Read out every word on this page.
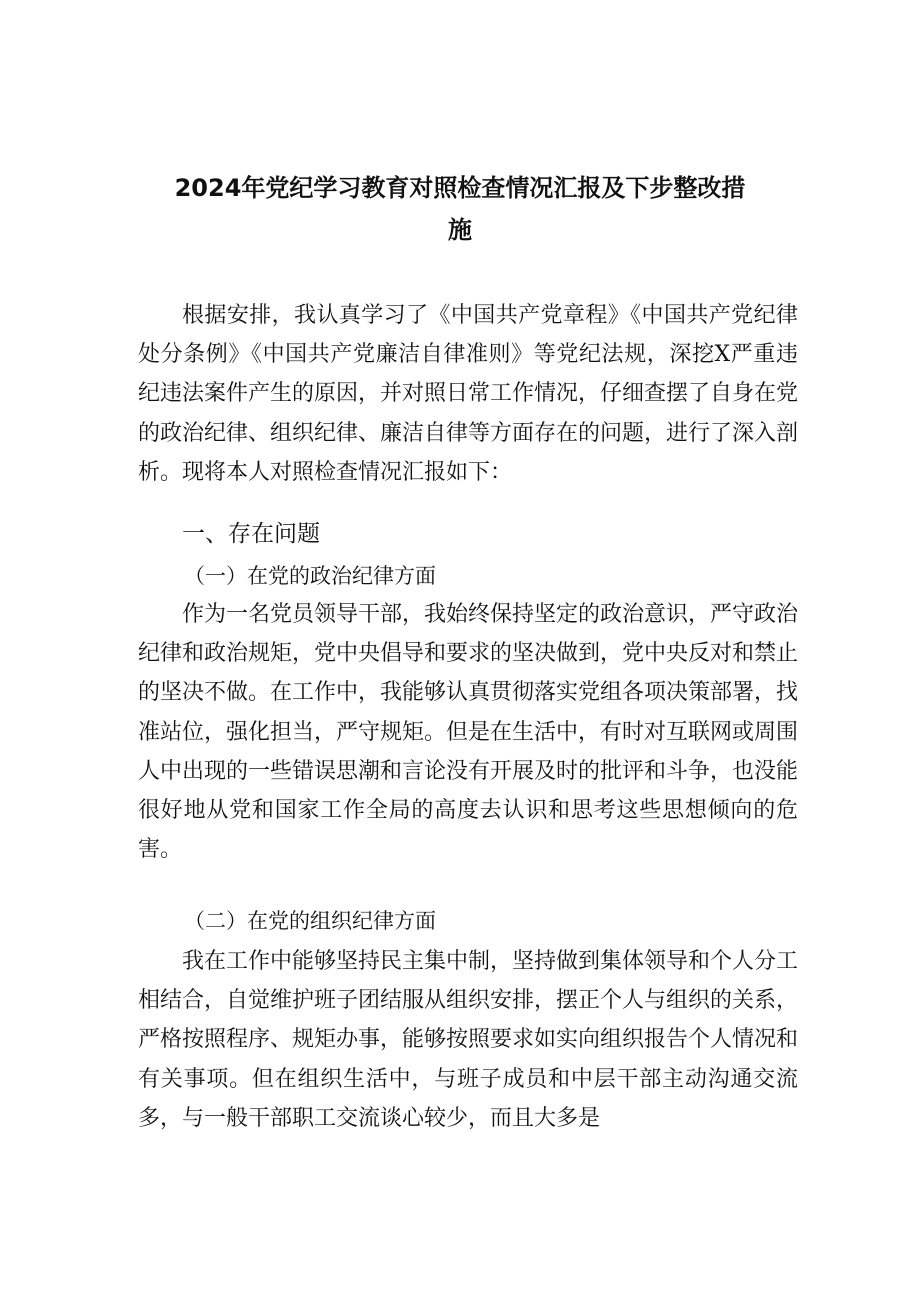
2024年党纪学习教育对照检查情况汇报及下步整改措
施

根据安排，我认真学习了《中国共产党章程》《中国共产党纪律处分条例》《中国共产党廉洁自律准则》等党纪法规，深挖X严重违纪违法案件产生的原因，并对照日常工作情况，仔细查摆了自身在党的政治纪律、组织纪律、廉洁自律等方面存在的问题，进行了深入剖析。现将本人对照检查情况汇报如下：

一、存在问题

（一）在党的政治纪律方面

作为一名党员领导干部，我始终保持坚定的政治意识，严守政治纪律和政治规矩，党中央倡导和要求的坚决做到，党中央反对和禁止的坚决不做。在工作中，我能够认真贯彻落实党组各项决策部署，找准站位，强化担当，严守规矩。但是在生活中，有时对互联网或周围人中出现的一些错误思潮和言论没有开展及时的批评和斗争，也没能很好地从党和国家工作全局的高度去认识和思考这些思想倾向的危害。

（二）在党的组织纪律方面

我在工作中能够坚持民主集中制，坚持做到集体领导和个人分工相结合，自觉维护班子团结服从组织安排，摆正个人与组织的关系，严格按照程序、规矩办事，能够按照要求如实向组织报告个人情况和有关事项。但在组织生活中，与班子成员和中层干部主动沟通交流多，与一般干部职工交流谈心较少，而且大多是
